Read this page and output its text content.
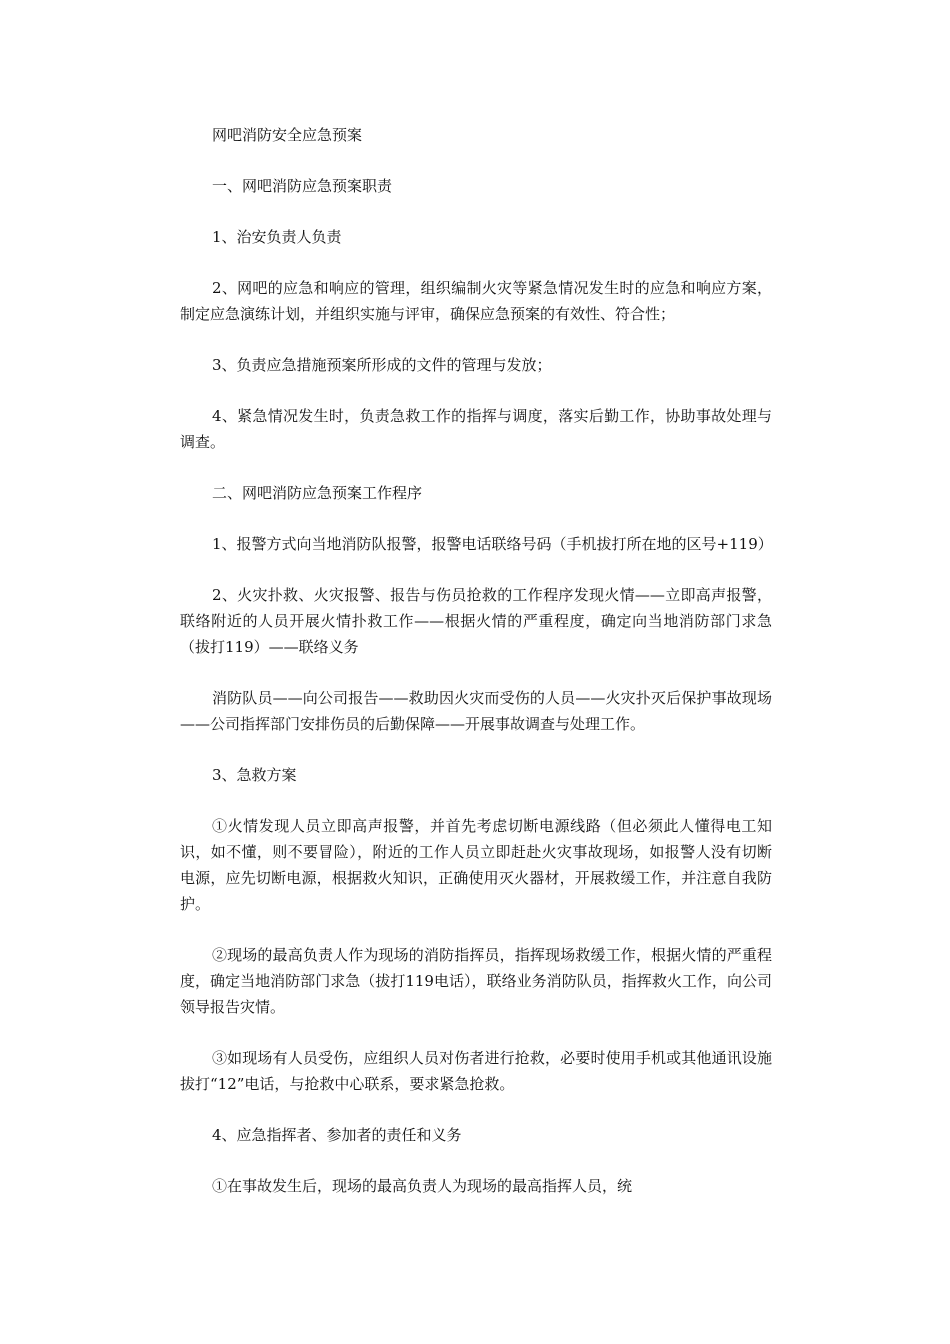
网吧消防安全应急预案

一、网吧消防应急预案职责

1、治安负责人负责

2、网吧的应急和响应的管理，组织编制火灾等紧急情况发生时的应急和响应方案，制定应急演练计划，并组织实施与评审，确保应急预案的有效性、符合性；

3、负责应急措施预案所形成的文件的管理与发放；

4、紧急情况发生时，负责急救工作的指挥与调度，落实后勤工作，协助事故处理与调查。

二、网吧消防应急预案工作程序

1、报警方式向当地消防队报警，报警电话联络号码（手机拔打所在地的区号+119）

2、火灾扑救、火灾报警、报告与伤员抢救的工作程序发现火情——立即高声报警，联络附近的人员开展火情扑救工作——根据火情的严重程度，确定向当地消防部门求急（拔打119）——联络义务

消防队员——向公司报告——救助因火灾而受伤的人员——火灾扑灭后保护事故现场——公司指挥部门安排伤员的后勤保障——开展事故调查与处理工作。

3、急救方案

①火情发现人员立即高声报警，并首先考虑切断电源线路（但必须此人懂得电工知识，如不懂，则不要冒险），附近的工作人员立即赶赴火灾事故现场，如报警人没有切断电源，应先切断电源，根据救火知识，正确使用灭火器材，开展救缓工作，并注意自我防护。

②现场的最高负责人作为现场的消防指挥员，指挥现场救缓工作，根据火情的严重程度，确定当地消防部门求急（拔打119电话），联络业务消防队员，指挥救火工作，向公司领导报告灾情。

③如现场有人员受伤，应组织人员对伤者进行抢救，必要时使用手机或其他通讯设施拔打“12”电话，与抢救中心联系，要求紧急抢救。

4、应急指挥者、参加者的责任和义务

①在事故发生后，现场的最高负责人为现场的最高指挥人员，统
